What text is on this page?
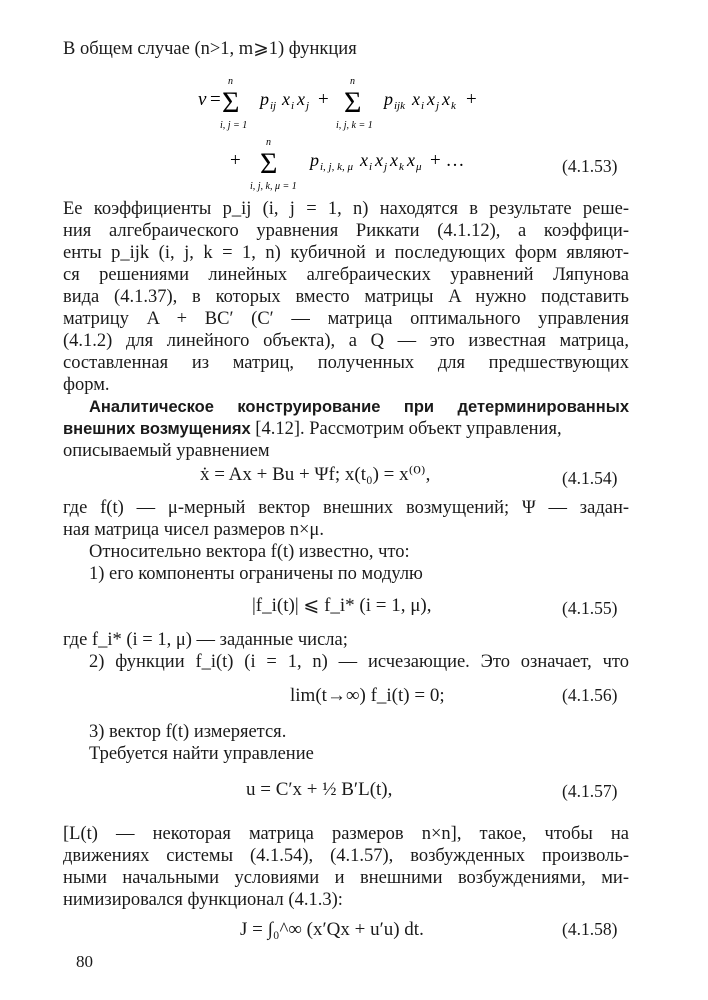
В общем случае (n>1, m⩾1) функция
v =
n
Σ
i, j = 1
p ij x i x j +
n
Σ
i, j, k = 1
p ijk x i x j x k +
+
n
Σ
i, j, k, μ = 1
p i, j, k, μ x i x j x k x μ + …	(4.1.53)
Ее коэффициенты p_ij (i, j = 1, n) находятся в результате реше-
ния алгебраического уравнения Риккати (4.1.12), а коэффици-
енты p_ijk (i, j, k = 1, n) кубичной и последующих форм являют-
ся решениями линейных алгебраических уравнений Ляпунова
вида (4.1.37), в которых вместо матрицы A нужно подставить
матрицу A + BC′ (C′ — матрица оптимального управления
(4.1.2) для линейного объекта), а Q — это известная матрица,
составленная из матриц, полученных для предшествующих
форм.
Аналитическое конструирование при детерминированных
внешних возмущениях [4.12]. Рассмотрим объект управления,
описываемый уравнением
ẋ = Ax + Bu + Ψf; x(t₀) = x⁽⁰⁾,	(4.1.54)
где f(t) — μ-мерный вектор внешних возмущений; Ψ — задан-
ная матрица чисел размеров n×μ.
Относительно вектора f(t) известно, что:
1) его компоненты ограничены по модулю
|f_i(t)| ⩽ f_i* (i = 1, μ),	(4.1.55)
где f_i* (i = 1, μ) — заданные числа;
2) функции f_i(t) (i = 1, n) — исчезающие. Это означает, что
lim(t→∞) f_i(t) = 0;	(4.1.56)
3) вектор f(t) измеряется.
Требуется найти управление
u = C′x + ½ B′L(t),	(4.1.57)
[L(t) — некоторая матрица размеров n×n], такое, чтобы на
движениях системы (4.1.54), (4.1.57), возбужденных произволь-
ными начальными условиями и внешними возбуждениями, ми-
нимизировался функционал (4.1.3):
J = ∫₀^∞ (x′Qx + u′u) dt.	(4.1.58)
80
